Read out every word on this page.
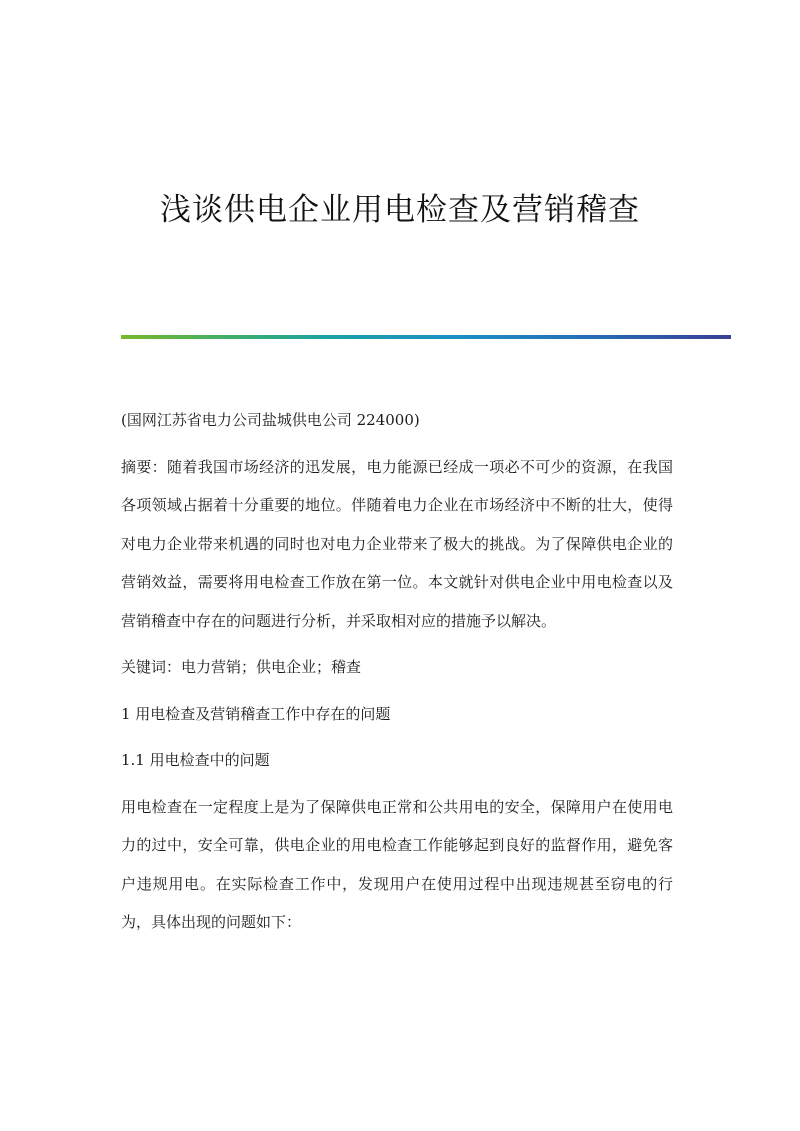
浅谈供电企业用电检查及营销稽查

(国网江苏省电力公司盐城供电公司 224000)

摘要：随着我国市场经济的迅发展，电力能源已经成一项必不可少的资源，在我国各项领域占据着十分重要的地位。伴随着电力企业在市场经济中不断的壮大，使得对电力企业带来机遇的同时也对电力企业带来了极大的挑战。为了保障供电企业的营销效益，需要将用电检查工作放在第一位。本文就针对供电企业中用电检查以及营销稽查中存在的问题进行分析，并采取相对应的措施予以解决。

关键词：电力营销；供电企业；稽查

1 用电检查及营销稽查工作中存在的问题

1.1 用电检查中的问题

用电检查在一定程度上是为了保障供电正常和公共用电的安全，保障用户在使用电力的过中，安全可靠，供电企业的用电检查工作能够起到良好的监督作用，避免客户违规用电。在实际检查工作中，发现用户在使用过程中出现违规甚至窃电的行为，具体出现的问题如下：
